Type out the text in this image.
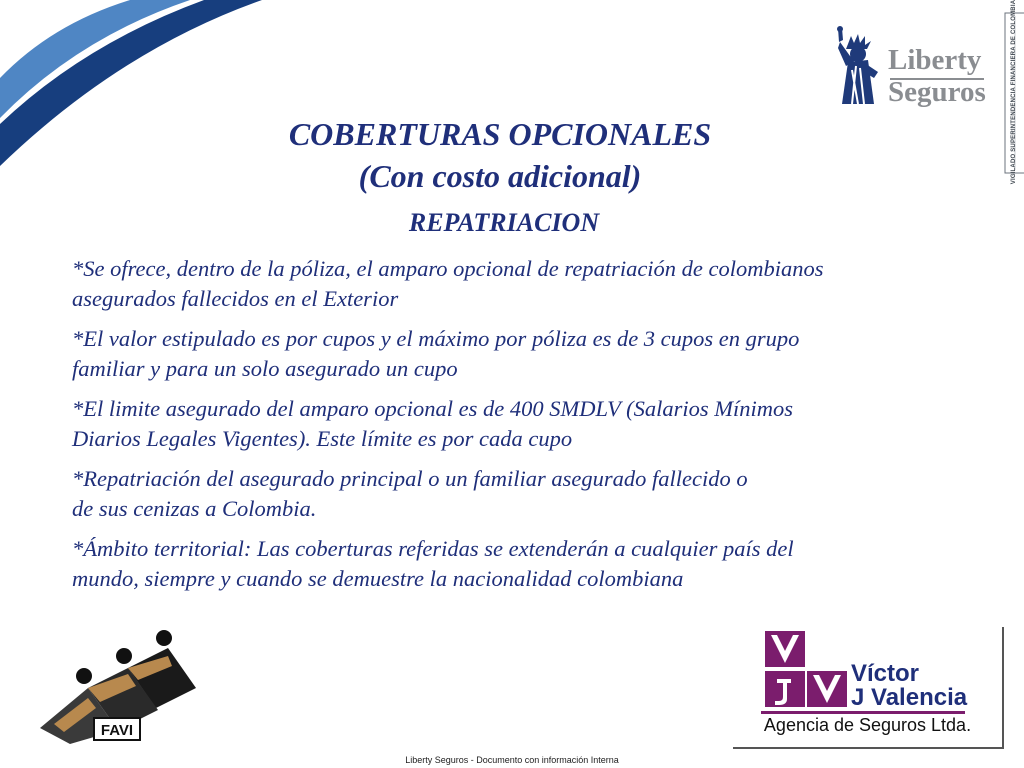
Liberty
Seguros	VIGILADO SUPERINTENDENCIA FINANCIERA DE COLOMBIA
COBERTURAS OPCIONALES
(Con costo adicional)
REPATRIACION

*Se ofrece, dentro de la póliza, el amparo opcional de repatriación de colombianos
asegurados fallecidos en el Exterior

*El valor estipulado es por cupos y el máximo por póliza es de 3 cupos en grupo
familiar y para un solo asegurado un cupo

*El limite asegurado del amparo opcional es de 400 SMDLV (Salarios Mínimos
Diarios Legales Vigentes). Este límite es por cada cupo

*Repatriación del asegurado principal o un familiar asegurado fallecido o
de sus cenizas a Colombia.

*Ámbito territorial: Las coberturas referidas se extenderán a cualquier país del
mundo, siempre y cuando se demuestre la nacionalidad colombiana

FAVI
Víctor
J Valencia
Agencia de Seguros Ltda.
Liberty Seguros - Documento con información Interna
